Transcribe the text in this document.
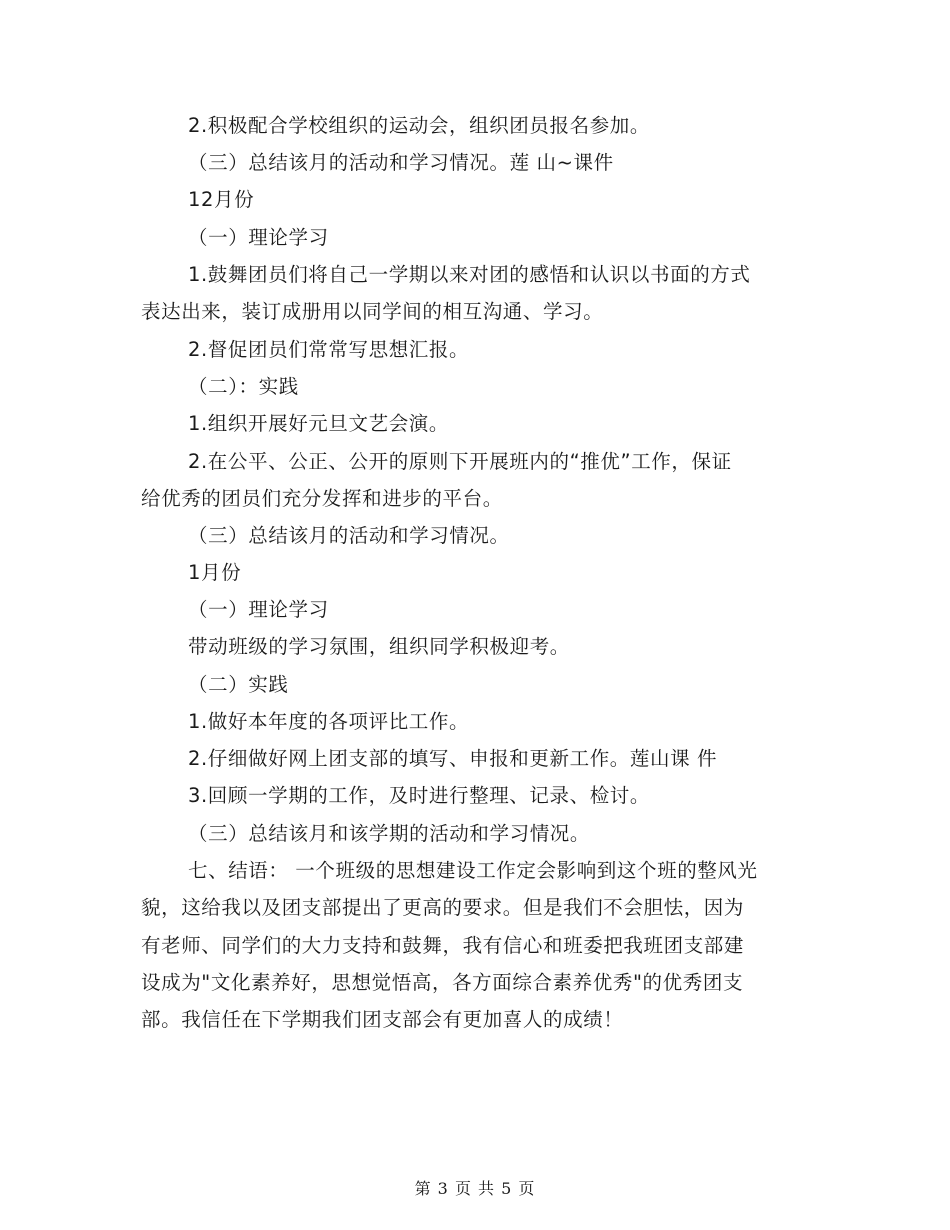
2.积极配合学校组织的运动会，组织团员报名参加。
（三）总结该月的活动和学习情况。莲 山~课件
12月份
（一）理论学习
1.鼓舞团员们将自己一学期以来对团的感悟和认识以书面的方式
表达出来，装订成册用以同学间的相互沟通、学习。
2.督促团员们常常写思想汇报。
（二）：实践
1.组织开展好元旦文艺会演。
2.在公平、公正、公开的原则下开展班内的“推优”工作，保证
给优秀的团员们充分发挥和进步的平台。
（三）总结该月的活动和学习情况。
1月份
（一）理论学习
带动班级的学习氛围，组织同学积极迎考。
（二）实践
1.做好本年度的各项评比工作。
2.仔细做好网上团支部的填写、申报和更新工作。莲山课 件
3.回顾一学期的工作，及时进行整理、记录、检讨。
（三）总结该月和该学期的活动和学习情况。
七、结语： 一个班级的思想建设工作定会影响到这个班的整风光
貌，这给我以及团支部提出了更高的要求。但是我们不会胆怯，因为
有老师、同学们的大力支持和鼓舞，我有信心和班委把我班团支部建
设成为"文化素养好，思想觉悟高，各方面综合素养优秀"的优秀团支
部。我信任在下学期我们团支部会有更加喜人的成绩！
第 3 页 共 5 页
